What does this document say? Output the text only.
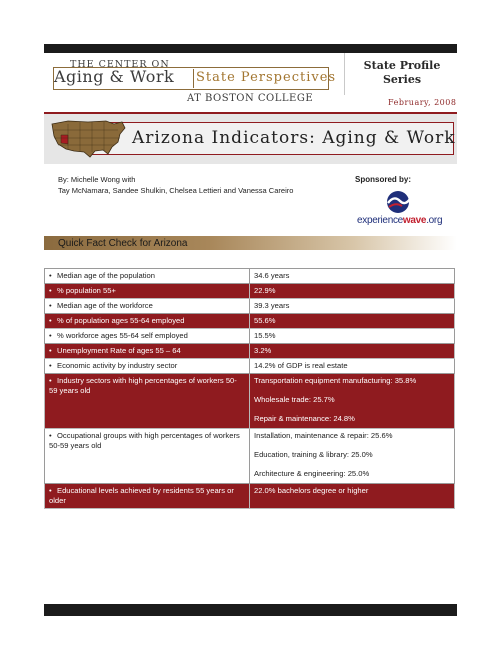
THE CENTER ON
Aging & Work State Perspectives
AT BOSTON COLLEGE
State Profile Series
February, 2008
Arizona Indicators: Aging & Work
By: Michelle Wong with
Tay McNamara, Sandee Shulkin, Chelsea Lettieri and Vanessa Careiro
Sponsored by:
experiencewave.org
Quick Fact Check for Arizona
• Median age of the population	34.6 years
• % population 55+	22.9%
• Median age of the workforce	39.3 years
• % of population ages 55-64 employed	55.6%
• % workforce ages 55-64 self employed	15.5%
• Unemployment Rate of ages 55 – 64	3.2%
• Economic activity by industry sector	14.2% of GDP is real estate
• Industry sectors with high percentages of workers 50-59 years old	Transportation equipment manufacturing: 35.8%
Wholesale trade: 25.7%
Repair & maintenance: 24.8%

• Occupational groups with high percentages of workers 50-59 years old	Installation, maintenance & repair: 25.6%
Education, training & library: 25.0%
Architecture & engineering: 25.0%

• Educational levels achieved by residents 55 years or older	22.0% bachelors degree or higher
